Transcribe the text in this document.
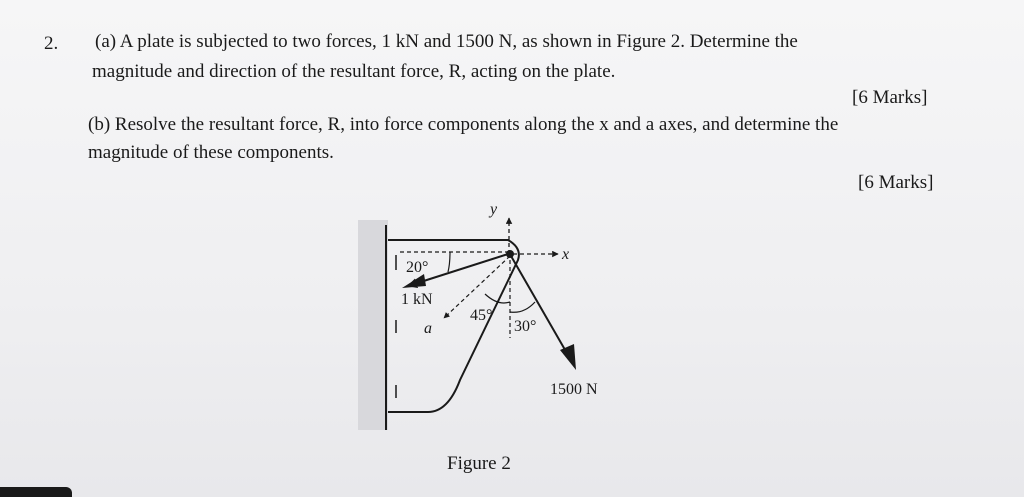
2. (a) A plate is subjected to two forces, 1 kN and 1500 N, as shown in Figure 2. Determine the
magnitude and direction of the resultant force, R, acting on the plate.
[6 Marks]
(b) Resolve the resultant force, R, into force components along the x and a axes, and determine the
magnitude of these components.
[6 Marks]
y
x
a
1 kN
1500 N
20°
45°
30°
Figure 2
